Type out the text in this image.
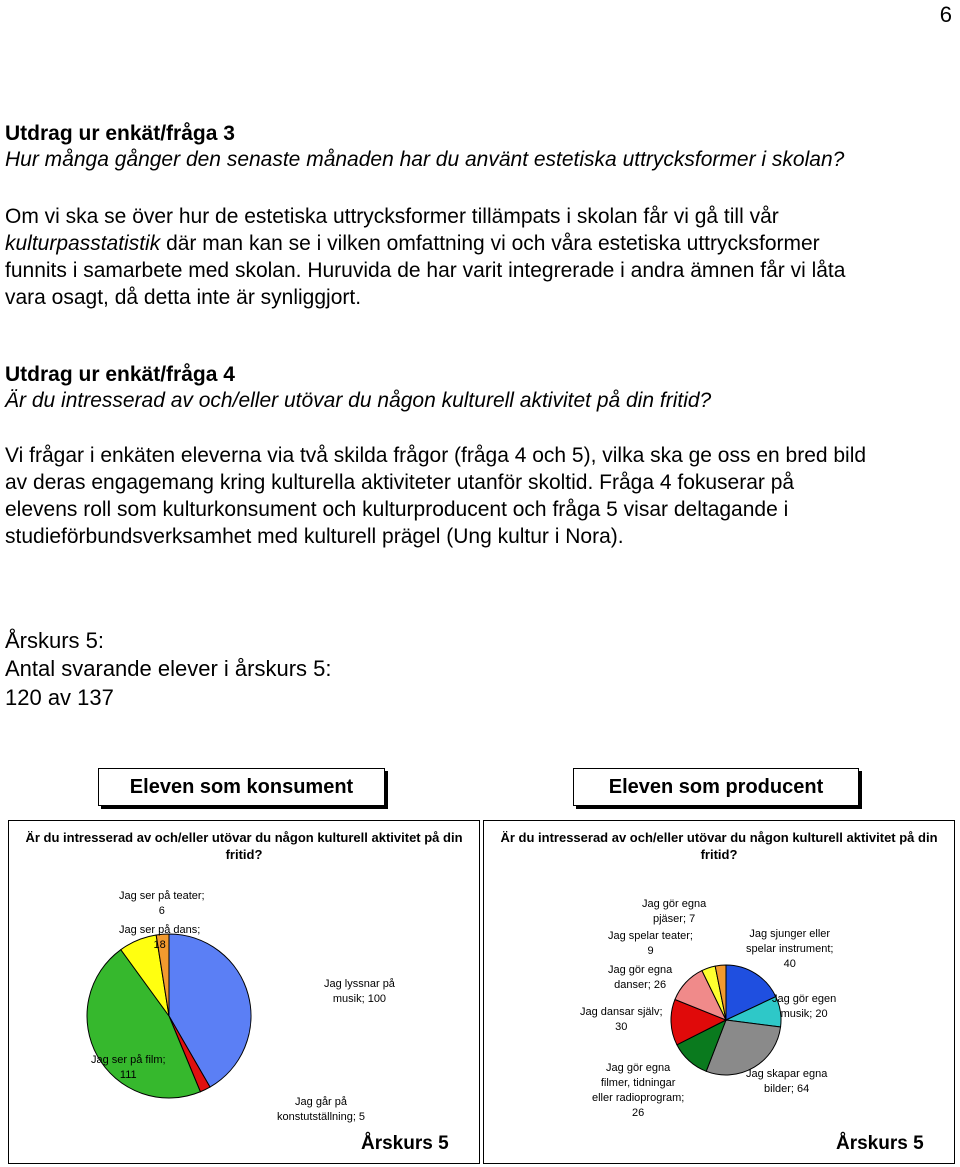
6
Utdrag ur enkät/fråga 3
Hur många gånger den senaste månaden har du använt estetiska uttrycksformer i skolan?
Om vi ska se över hur de estetiska uttrycksformer tillämpats i skolan får vi gå till vår
kulturpasstatistik där man kan se i vilken omfattning vi och våra estetiska uttrycksformer
funnits i samarbete med skolan. Huruvida de har varit integrerade i andra ämnen får vi låta
vara osagt, då detta inte är synliggjort.
Utdrag ur enkät/fråga 4
Är du intresserad av och/eller utövar du någon kulturell aktivitet på din fritid?
Vi frågar i enkäten eleverna via två skilda frågor (fråga 4 och 5), vilka ska ge oss en bred bild
av deras engagemang kring kulturella aktiviteter utanför skoltid. Fråga 4 fokuserar på
elevens roll som kulturkonsument och kulturproducent och fråga 5 visar deltagande i
studieförbundsverksamhet med kulturell prägel (Ung kultur i Nora).
Årskurs 5:
Antal svarande elever i årskurs 5:
120 av 137
Eleven som konsument	Eleven som producent
Är du intresserad av och/eller utövar du någon kulturell aktivitet på din fritid?
Jag ser på teater;
6
Jag ser på dans;
18
Jag lyssnar på
musik; 100
Jag ser på film;
111
Jag går på
konstutställning; 5
Årskurs 5
Är du intresserad av och/eller utövar du någon kulturell aktivitet på din fritid?
Jag gör egna
pjäser; 7
Jag spelar teater;
9
Jag gör egna
danser; 26
Jag dansar själv;
30
Jag sjunger eller
spelar instrument;
40
Jag gör egen
musik; 20
Jag gör egna
filmer, tidningar
eller radioprogram;
26
Jag skapar egna
bilder; 64
Årskurs 5
